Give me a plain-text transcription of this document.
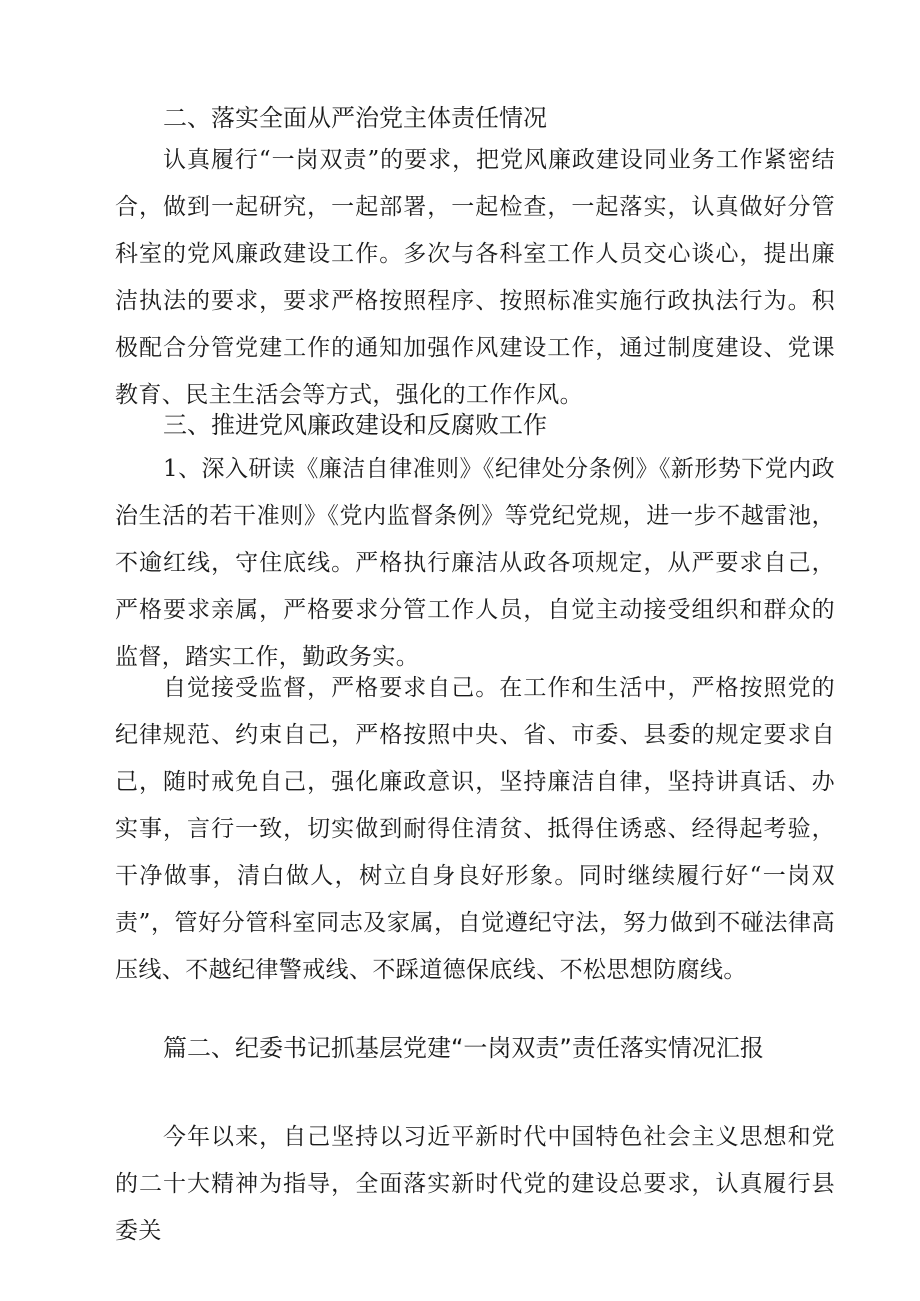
二、落实全面从严治党主体责任情况
认真履行“一岗双责”的要求，把党风廉政建设同业务工作紧密结合，做到一起研究，一起部署，一起检查，一起落实，认真做好分管科室的党风廉政建设工作。多次与各科室工作人员交心谈心，提出廉洁执法的要求，要求严格按照程序、按照标准实施行政执法行为。积极配合分管党建工作的通知加强作风建设工作，通过制度建设、党课教育、民主生活会等方式，强化的工作作风。
三、推进党风廉政建设和反腐败工作
1、深入研读《廉洁自律准则》《纪律处分条例》《新形势下党内政治生活的若干准则》《党内监督条例》等党纪党规，进一步不越雷池，不逾红线，守住底线。严格执行廉洁从政各项规定，从严要求自己，严格要求亲属，严格要求分管工作人员，自觉主动接受组织和群众的监督，踏实工作，勤政务实。
自觉接受监督，严格要求自己。在工作和生活中，严格按照党的纪律规范、约束自己，严格按照中央、省、市委、县委的规定要求自己，随时戒免自己，强化廉政意识，坚持廉洁自律，坚持讲真话、办实事，言行一致，切实做到耐得住清贫、抵得住诱惑、经得起考验，干净做事，清白做人，树立自身良好形象。同时继续履行好“一岗双责”，管好分管科室同志及家属，自觉遵纪守法，努力做到不碰法律高压线、不越纪律警戒线、不踩道德保底线、不松思想防腐线。
篇二、纪委书记抓基层党建“一岗双责”责任落实情况汇报
今年以来，自己坚持以习近平新时代中国特色社会主义思想和党的二十大精神为指导，全面落实新时代党的建设总要求，认真履行县委关
